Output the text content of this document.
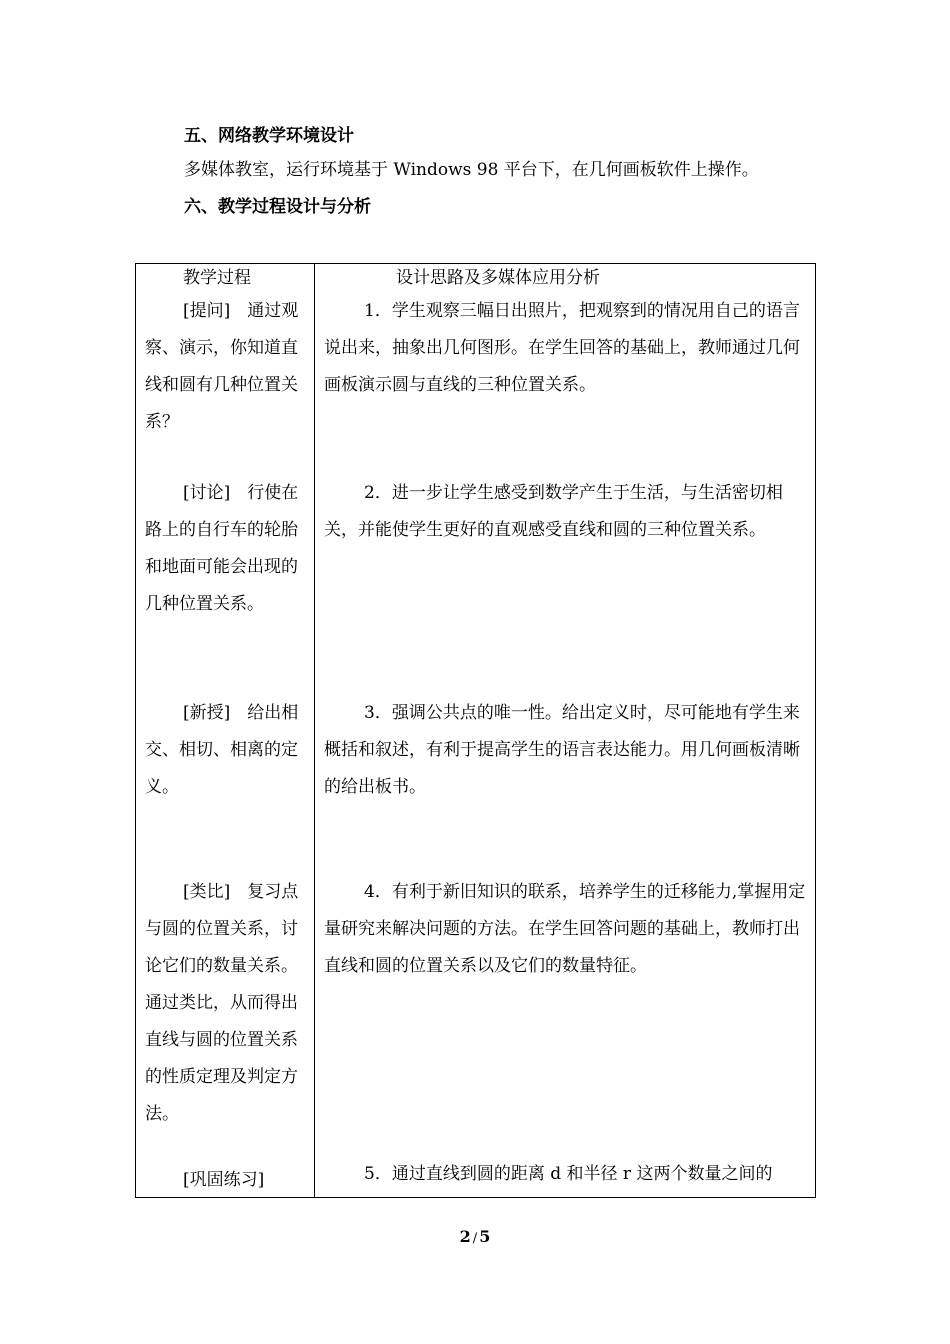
五、网络教学环境设计
多媒体教室，运行环境基于 Windows 98 平台下，在几何画板软件上操作。
六、教学过程设计与分析
教学过程	设计思路及多媒体应用分析
[提问]　通过观察、演示，你知道直线和圆有几种位置关系？
1．学生观察三幅日出照片，把观察到的情况用自己的语言说出来，抽象出几何图形。在学生回答的基础上，教师通过几何画板演示圆与直线的三种位置关系。
[讨论]　行使在路上的自行车的轮胎和地面可能会出现的几种位置关系。
2．进一步让学生感受到数学产生于生活，与生活密切相关，并能使学生更好的直观感受直线和圆的三种位置关系。
[新授]　给出相交、相切、相离的定义。
3．强调公共点的唯一性。给出定义时，尽可能地有学生来概括和叙述，有利于提高学生的语言表达能力。用几何画板清晰的给出板书。
[类比]　复习点与圆的位置关系，讨论它们的数量关系。通过类比，从而得出直线与圆的位置关系的性质定理及判定方法。
4．有利于新旧知识的联系，培养学生的迁移能力,掌握用定量研究来解决问题的方法。在学生回答问题的基础上，教师打出直线和圆的位置关系以及它们的数量特征。
[巩固练习]	5．通过直线到圆的距离 d 和半径 r 这两个数量之间的
2 / 5
